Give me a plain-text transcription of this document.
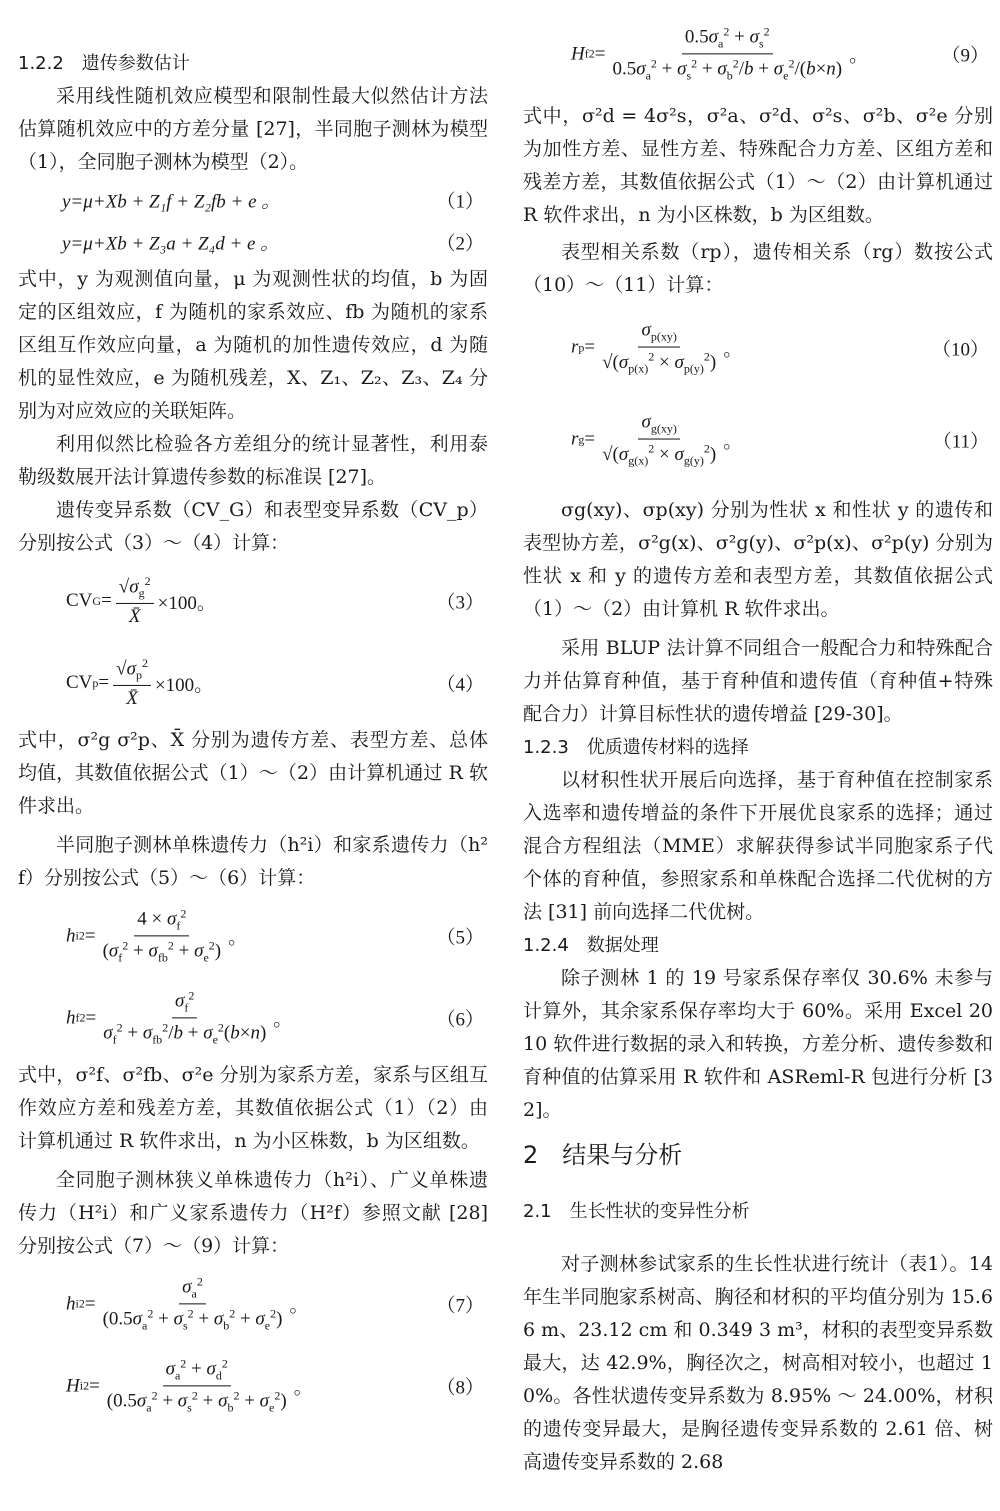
1.2.2　遗传参数估计

采用线性随机效应模型和限制性最大似然估计方法估算随机效应中的方差分量 [27]，半同胞子测林为模型（1），全同胞子测林为模型（2）。

y=μ+Xb + Z₁f + Z₂fb + e 。	（1）
y=μ+Xb + Z₃a + Z₄d + e 。	（2）

式中，y 为观测值向量，μ 为观测性状的均值，b 为固定的区组效应，f 为随机的家系效应、fb 为随机的家系区组互作效应向量，a 为随机的加性遗传效应，d 为随机的显性效应，e 为随机残差，X、Z₁、Z₂、Z₃、Z₄ 分别为对应效应的关联矩阵。

利用似然比检验各方差组分的统计显著性，利用泰勒级数展开法计算遗传参数的标准误 [27]。

遗传变异系数（CV_G）和表型变异系数（CV_p）分别按公式（3）～（4）计算：

CV $G = \frac{√\sigma_g^2}{X̄} \times 100$。	（3）
CV $p = \frac{√\sigma_p^2}{X̄} \times 100$。	（4）

式中，σ²g σ²p、X̄ 分别为遗传方差、表型方差、总体均值，其数值依据公式（1）～（2）由计算机通过 R 软件求出。

半同胞子测林单株遗传力（h²i）和家系遗传力（h²f）分别按公式（5）～（6）计算：

h i $2 = \frac{4 \times \sigma_f^2}{(\sigma_f^2 + \sigma_{fb}^2 + \sigma_e^2)}$ 。	（5）
h f $2 = \frac{\sigma_f^2}{\sigma_f^2 + \sigma_{fb}^2/b + \sigma_e^2(b\times n)}$ 。	（6）

式中，σ²f、σ²fb、σ²e 分别为家系方差，家系与区组互作效应方差和残差方差，其数值依据公式（1）（2）由计算机通过 R 软件求出，n 为小区株数，b 为区组数。

全同胞子测林狭义单株遗传力（h²i）、广义单株遗传力（H²i）和广义家系遗传力（H²f）参照文献 [28] 分别按公式（7）～（9）计算：

h i $2 = \frac{\sigma_a^2}{(0.5\sigma_a^2 + \sigma_s^2 + \sigma_b^2 + \sigma_e^2)}$ 。	（7）
H i $2 = \frac{\sigma_a^2 + \sigma_d^2}{(0.5\sigma_a^2 + \sigma_s^2 + \sigma_b^2 + \sigma_e^2)}$ 。	（8）
H f $2 = \frac{0.5\sigma_a^2 + \sigma_s^2}{0.5\sigma_a^2 + \sigma_s^2 + \sigma_b^2/b + \sigma_e^2/(b\times n)}$ 。	（9）

式中，σ²d = 4σ²s，σ²a、σ²d、σ²s、σ²b、σ²e 分别为加性方差、显性方差、特殊配合力方差、区组方差和残差方差，其数值依据公式（1）～（2）由计算机通过 R 软件求出，n 为小区株数，b 为区组数。

表型相关系数（rp），遗传相关系（rg）数按公式（10）～（11）计算：

r $p = \frac{\sigma_{p(xy)}}{√(\sigma_{p(x)}^2 \times \sigma_{p(y)}^2)}$ 。	（10）
r $g = \frac{\sigma_{g(xy)}}{√(\sigma_{g(x)}^2 \times \sigma_{g(y)}^2)}$ 。	（11）

σg(xy)、σp(xy) 分别为性状 x 和性状 y 的遗传和表型协方差，σ²g(x)、σ²g(y)、σ²p(x)、σ²p(y) 分别为性状 x 和 y 的遗传方差和表型方差，其数值依据公式（1）～（2）由计算机 R 软件求出。

采用 BLUP 法计算不同组合一般配合力和特殊配合力并估算育种值，基于育种值和遗传值（育种值+特殊配合力）计算目标性状的遗传增益 [29-30]。

1.2.3　优质遗传材料的选择

以材积性状开展后向选择，基于育种值在控制家系入选率和遗传增益的条件下开展优良家系的选择；通过混合方程组法（MME）求解获得参试半同胞家系子代个体的育种值，参照家系和单株配合选择二代优树的方法 [31] 前向选择二代优树。

1.2.4　数据处理

除子测林 1 的 19 号家系保存率仅 30.6% 未参与计算外，其余家系保存率均大于 60%。采用 Excel 2010 软件进行数据的录入和转换，方差分析、遗传参数和育种值的估算采用 R 软件和 ASReml-R 包进行分析 [32]。

2　结果与分析

2.1　生长性状的变异性分析

对子测林参试家系的生长性状进行统计（表1）。14 年生半同胞家系树高、胸径和材积的平均值分别为 15.66 m、23.12 cm 和 0.349 3 m³，材积的表型变异系数最大，达 42.9%，胸径次之，树高相对较小，也超过 10%。各性状遗传变异系数为 8.95% ～ 24.00%，材积的遗传变异最大，是胸径遗传变异系数的 2.61 倍、树高遗传变异系数的 2.68
